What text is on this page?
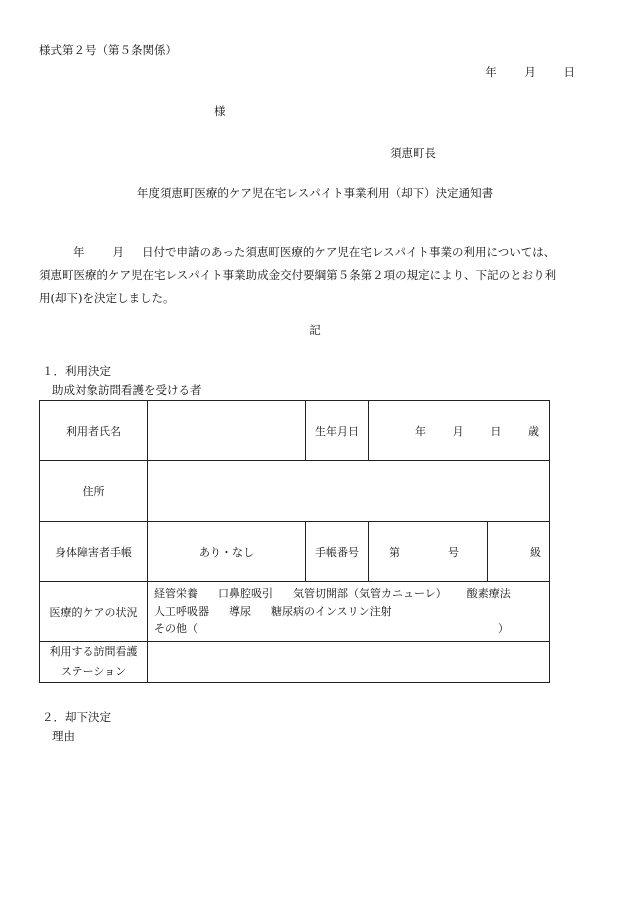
様式第２号（第５条関係）
年 月 日
様
須恵町長
年度須恵町医療的ケア児在宅レスパイト事業利用（却下）決定通知書
年 月 日付で申請のあった須恵町医療的ケア児在宅レスパイト事業の利用については、
須恵町医療的ケア児在宅レスパイト事業助成金交付要綱第５条第２項の規定により、下記のとおり利
用(却下)を決定しました。
記
１．利用決定
助成対象訪問看護を受ける者
利用者氏名		生年月日	年 月 日 歳	

住所				
身体障害者手帳	あり・なし	手帳番号	第 号	級
医療的ケアの状況	経管栄養 口鼻腔吸引 気管切開部（気管カニューレ） 酸素療法
人工呼吸器 導尿 糖尿病のインスリン注射
その他（ ）			

利用する訪問看護
ステーション				

２．却下決定
理由
